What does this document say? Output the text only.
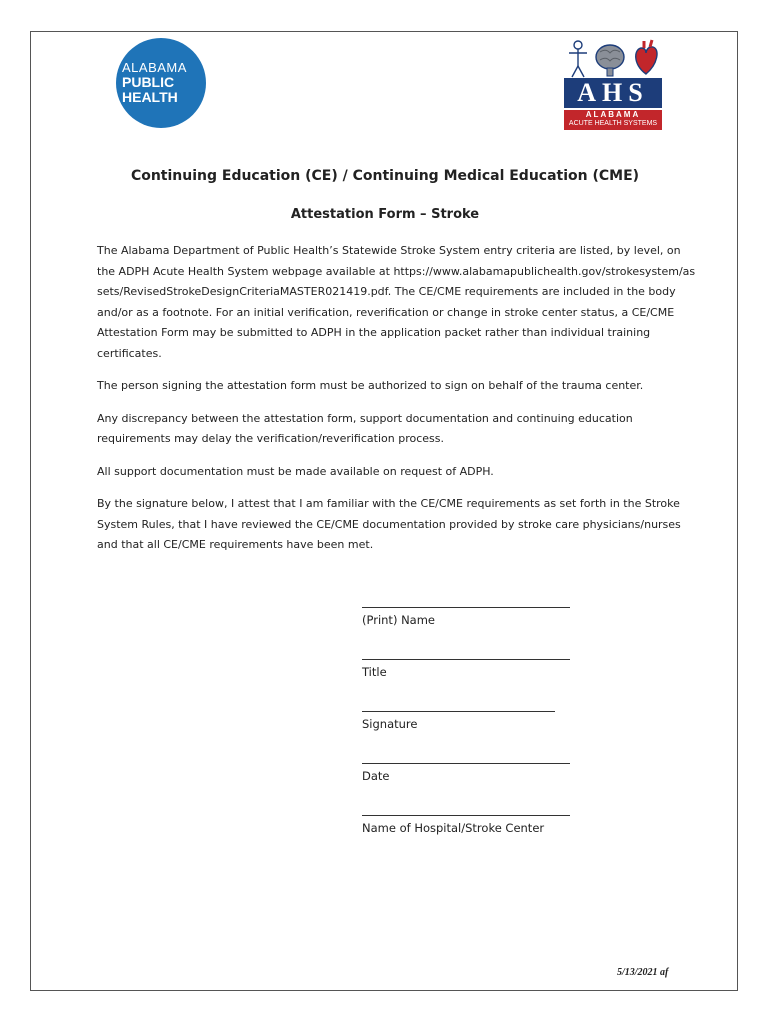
ALABAMA
PUBLIC
HEALTH	AHS
ALABAMA
ACUTE HEALTH SYSTEMS
Continuing Education (CE) / Continuing Medical Education (CME)
Attestation Form – Stroke

The Alabama Department of Public Health’s Statewide Stroke System entry criteria are listed, by level, on the ADPH Acute Health System webpage available at https://www.alabamapublichealth.gov/strokesystem/assets/RevisedStrokeDesignCriteriaMASTER021419.pdf. The CE/CME requirements are included in the body and/or as a footnote. For an initial verification, reverification or change in stroke center status, a CE/CME Attestation Form may be submitted to ADPH in the application packet rather than individual training certificates.

The person signing the attestation form must be authorized to sign on behalf of the trauma center.

Any discrepancy between the attestation form, support documentation and continuing education requirements may delay the verification/reverification process.

All support documentation must be made available on request of ADPH.

By the signature below, I attest that I am familiar with the CE/CME requirements as set forth in the Stroke System Rules, that I have reviewed the CE/CME documentation provided by stroke care physicians/nurses and that all CE/CME requirements have been met.

(Print) Name
Title
Signature
Date
Name of Hospital/Stroke Center
5/13/2021 af
